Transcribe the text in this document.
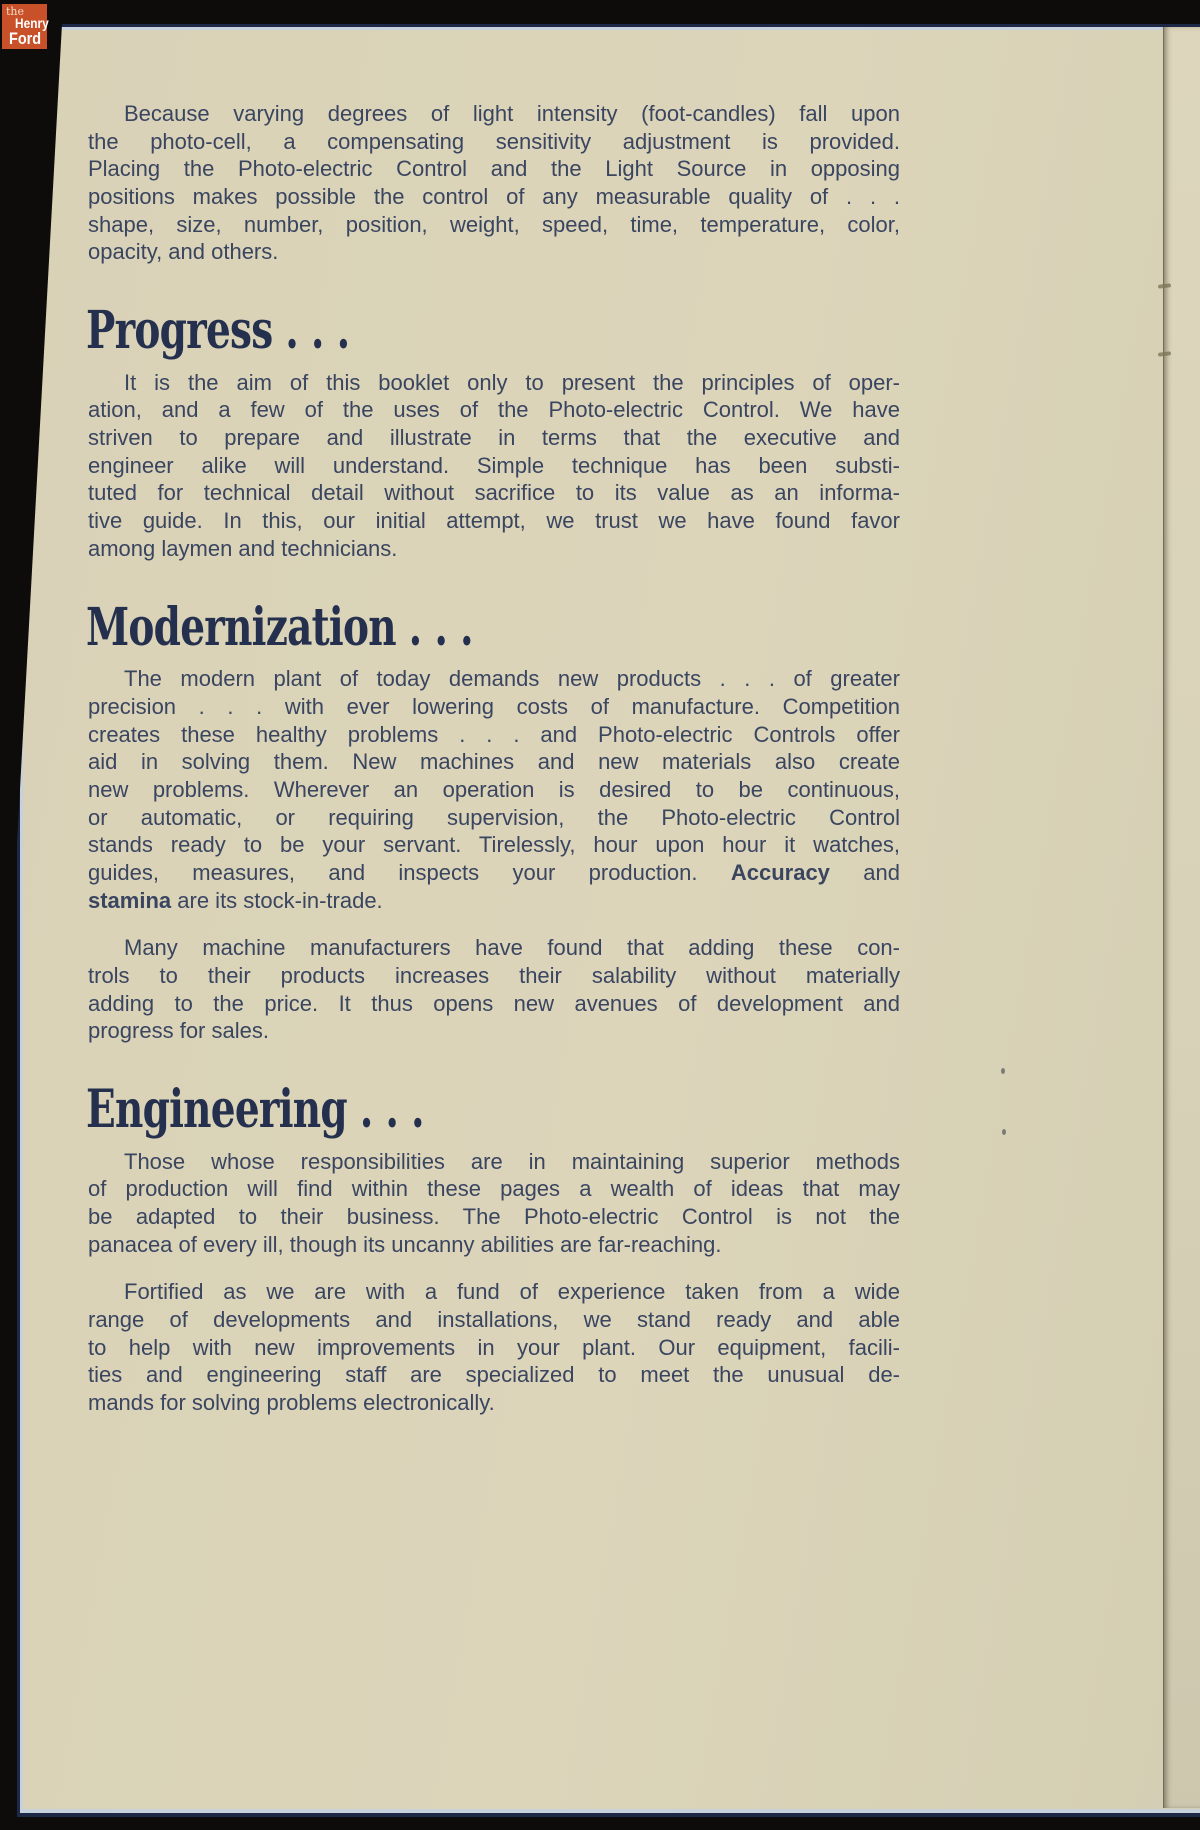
the
Henry
Ford
Because varying degrees of light intensity (foot-candles) fall upon
the photo-cell, a compensating sensitivity adjustment is provided.
Placing the Photo-electric Control and the Light Source in opposing
positions makes possible the control of any measurable quality of . . .
shape, size, number, position, weight, speed, time, temperature, color,
opacity, and others.
Progress . . .
It is the aim of this booklet only to present the principles of oper-
ation, and a few of the uses of the Photo-electric Control. We have
striven to prepare and illustrate in terms that the executive and
engineer alike will understand. Simple technique has been substi-
tuted for technical detail without sacrifice to its value as an informa-
tive guide. In this, our initial attempt, we trust we have found favor
among laymen and technicians.
Modernization . . .
The modern plant of today demands new products . . . of greater
precision . . . with ever lowering costs of manufacture. Competition
creates these healthy problems . . . and Photo-electric Controls offer
aid in solving them. New machines and new materials also create
new problems. Wherever an operation is desired to be continuous,
or automatic, or requiring supervision, the Photo-electric Control
stands ready to be your servant. Tirelessly, hour upon hour it watches,
guides, measures, and inspects your production. Accuracy and
stamina are its stock-in-trade.
Many machine manufacturers have found that adding these con-
trols to their products increases their salability without materially
adding to the price. It thus opens new avenues of development and
progress for sales.
Engineering . . .
Those whose responsibilities are in maintaining superior methods
of production will find within these pages a wealth of ideas that may
be adapted to their business. The Photo-electric Control is not the
panacea of every ill, though its uncanny abilities are far-reaching.
Fortified as we are with a fund of experience taken from a wide
range of developments and installations, we stand ready and able
to help with new improvements in your plant. Our equipment, facili-
ties and engineering staff are specialized to meet the unusual de-
mands for solving problems electronically.
